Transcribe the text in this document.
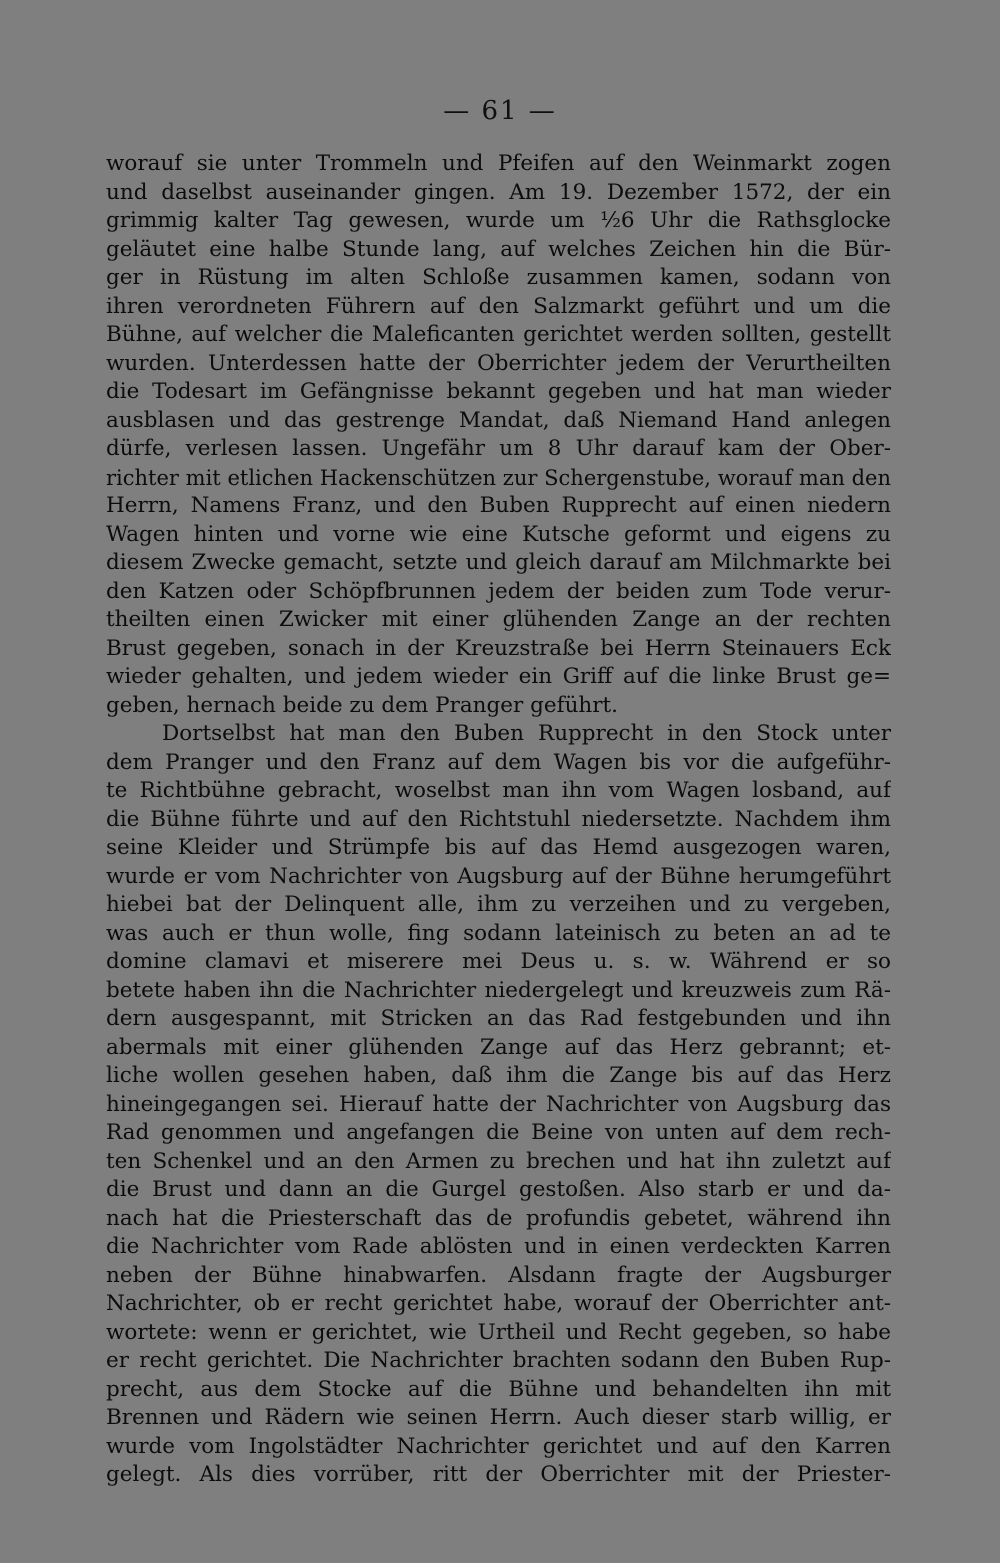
— 61 —
worauf sie unter Trommeln und Pfeifen auf den Weinmarkt zogen
und daselbst auseinander gingen. Am 19. Dezember 1572, der ein
grimmig kalter Tag gewesen, wurde um ½6 Uhr die Rathsglocke
geläutet eine halbe Stunde lang, auf welches Zeichen hin die Bür-
ger in Rüstung im alten Schloße zusammen kamen, sodann von
ihren verordneten Führern auf den Salzmarkt geführt und um die
Bühne, auf welcher die Maleficanten gerichtet werden sollten, gestellt
wurden. Unterdessen hatte der Oberrichter jedem der Verurtheilten
die Todesart im Gefängnisse bekannt gegeben und hat man wieder
ausblasen und das gestrenge Mandat, daß Niemand Hand anlegen
dürfe, verlesen lassen. Ungefähr um 8 Uhr darauf kam der Ober-
richter mit etlichen Hackenschützen zur Schergenstube, worauf man den
Herrn, Namens Franz, und den Buben Rupprecht auf einen niedern
Wagen hinten und vorne wie eine Kutsche geformt und eigens zu
diesem Zwecke gemacht, setzte und gleich darauf am Milchmarkte bei
den Katzen oder Schöpfbrunnen jedem der beiden zum Tode verur-
theilten einen Zwicker mit einer glühenden Zange an der rechten
Brust gegeben, sonach in der Kreuzstraße bei Herrn Steinauers Eck
wieder gehalten, und jedem wieder ein Griff auf die linke Brust ge=
geben, hernach beide zu dem Pranger geführt.
Dortselbst hat man den Buben Rupprecht in den Stock unter
dem Pranger und den Franz auf dem Wagen bis vor die aufgeführ-
te Richtbühne gebracht, woselbst man ihn vom Wagen losband, auf
die Bühne führte und auf den Richtstuhl niedersetzte. Nachdem ihm
seine Kleider und Strümpfe bis auf das Hemd ausgezogen waren,
wurde er vom Nachrichter von Augsburg auf der Bühne herumgeführt
hiebei bat der Delinquent alle, ihm zu verzeihen und zu vergeben,
was auch er thun wolle, fing sodann lateinisch zu beten an ad te
domine clamavi et miserere mei Deus u. s. w. Während er so
betete haben ihn die Nachrichter niedergelegt und kreuzweis zum Rä-
dern ausgespannt, mit Stricken an das Rad festgebunden und ihn
abermals mit einer glühenden Zange auf das Herz gebrannt; et-
liche wollen gesehen haben, daß ihm die Zange bis auf das Herz
hineingegangen sei. Hierauf hatte der Nachrichter von Augsburg das
Rad genommen und angefangen die Beine von unten auf dem rech-
ten Schenkel und an den Armen zu brechen und hat ihn zuletzt auf
die Brust und dann an die Gurgel gestoßen. Also starb er und da-
nach hat die Priesterschaft das de profundis gebetet, während ihn
die Nachrichter vom Rade ablösten und in einen verdeckten Karren
neben der Bühne hinabwarfen. Alsdann fragte der Augsburger
Nachrichter, ob er recht gerichtet habe, worauf der Oberrichter ant-
wortete: wenn er gerichtet, wie Urtheil und Recht gegeben, so habe
er recht gerichtet. Die Nachrichter brachten sodann den Buben Rup-
precht, aus dem Stocke auf die Bühne und behandelten ihn mit
Brennen und Rädern wie seinen Herrn. Auch dieser starb willig, er
wurde vom Ingolstädter Nachrichter gerichtet und auf den Karren
gelegt. Als dies vorrüber, ritt der Oberrichter mit der Priester-
